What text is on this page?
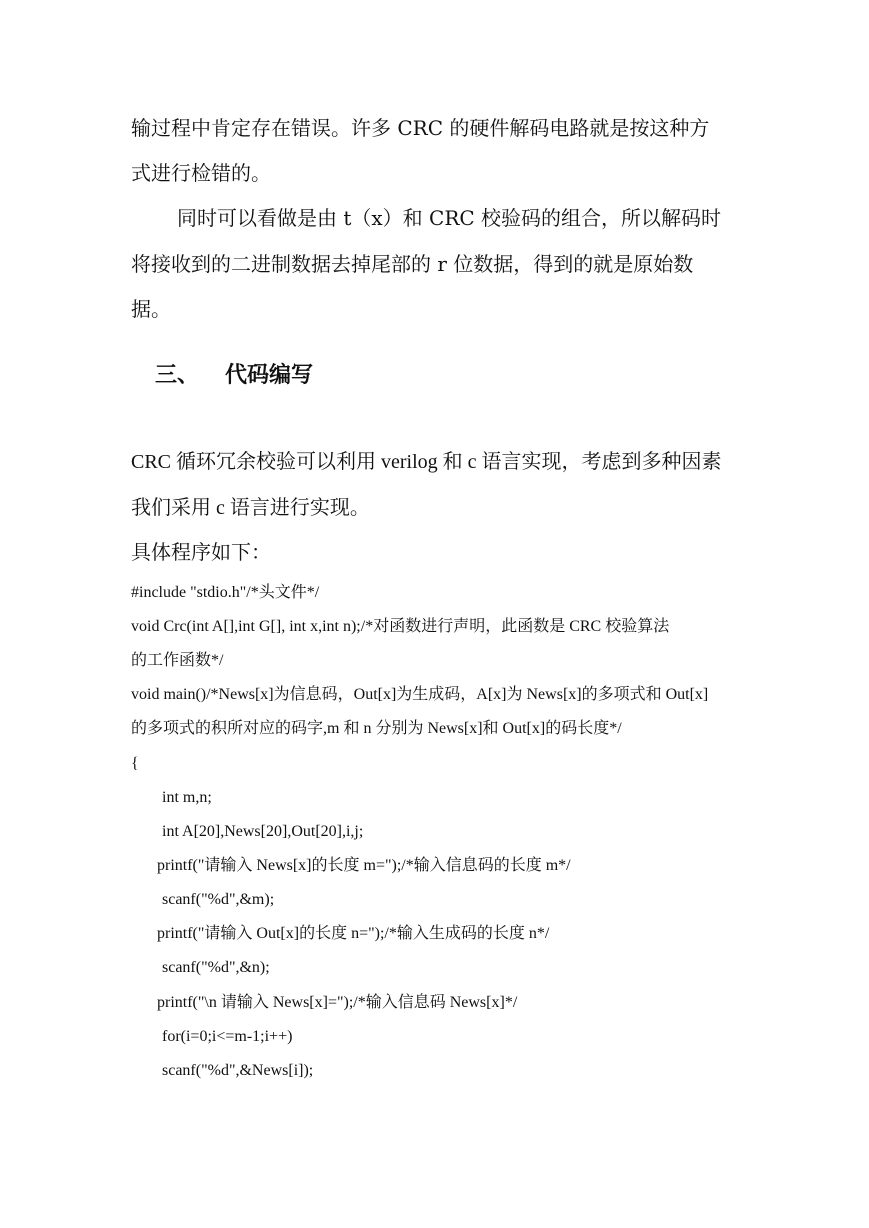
输过程中肯定存在错误。许多 CRC 的硬件解码电路就是按这种方
式进行检错的。
同时可以看做是由 t（x）和 CRC 校验码的组合，所以解码时
将接收到的二进制数据去掉尾部的 r 位数据，得到的就是原始数
据。
三、 代码编写
CRC 循环冗余校验可以利用 verilog 和 c 语言实现，考虑到多种因素
我们采用 c 语言进行实现。
具体程序如下：
#include "stdio.h"/*头文件*/
void Crc(int A[],int G[], int x,int n);/*对函数进行声明，此函数是 CRC 校验算法
的工作函数*/
void main()/*News[x]为信息码，Out[x]为生成码，A[x]为 News[x]的多项式和 Out[x]
的多项式的积所对应的码字,m 和 n 分别为 News[x]和 Out[x]的码长度*/
{
int m,n;
int A[20],News[20],Out[20],i,j;
printf("请输入 News[x]的长度 m=");/*输入信息码的长度 m*/
scanf("%d",&m);
printf("请输入 Out[x]的长度 n=");/*输入生成码的长度 n*/
scanf("%d",&n);
printf("\n 请输入 News[x]=");/*输入信息码 News[x]*/
for(i=0;i<=m-1;i++)
scanf("%d",&News[i]);
